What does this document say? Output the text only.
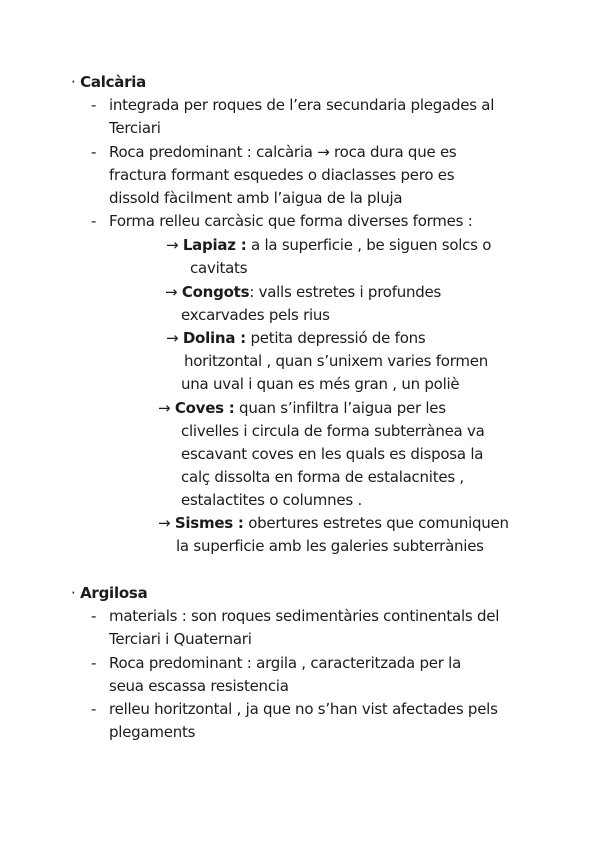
· Calcària
- integrada per roques de l’era secundaria plegades al
Terciari
- Roca predominant : calcària → roca dura que es
fractura formant esquedes o diaclasses pero es
dissold fàcilment amb l’aigua de la pluja
- Forma relleu carcàsic que forma diverses formes :
→ Lapiaz : a la superficie , be siguen solcs o
cavitats
→ Congots: valls estretes i profundes
excarvades pels rius
→ Dolina : petita depressió de fons
horitzontal , quan s’unixem varies formen
una uval i quan es més gran , un poliè
→ Coves : quan s’infiltra l’aigua per les
clivelles i circula de forma subterrànea va
escavant coves en les quals es disposa la
calç dissolta en forma de estalacnites ,
estalactites o columnes .
→ Sismes : obertures estretes que comuniquen
la superficie amb les galeries subterrànies
· Argilosa
- materials : son roques sedimentàries continentals del
Terciari i Quaternari
- Roca predominant : argila , caracteritzada per la
seua escassa resistencia
- relleu horitzontal , ja que no s’han vist afectades pels
plegaments
